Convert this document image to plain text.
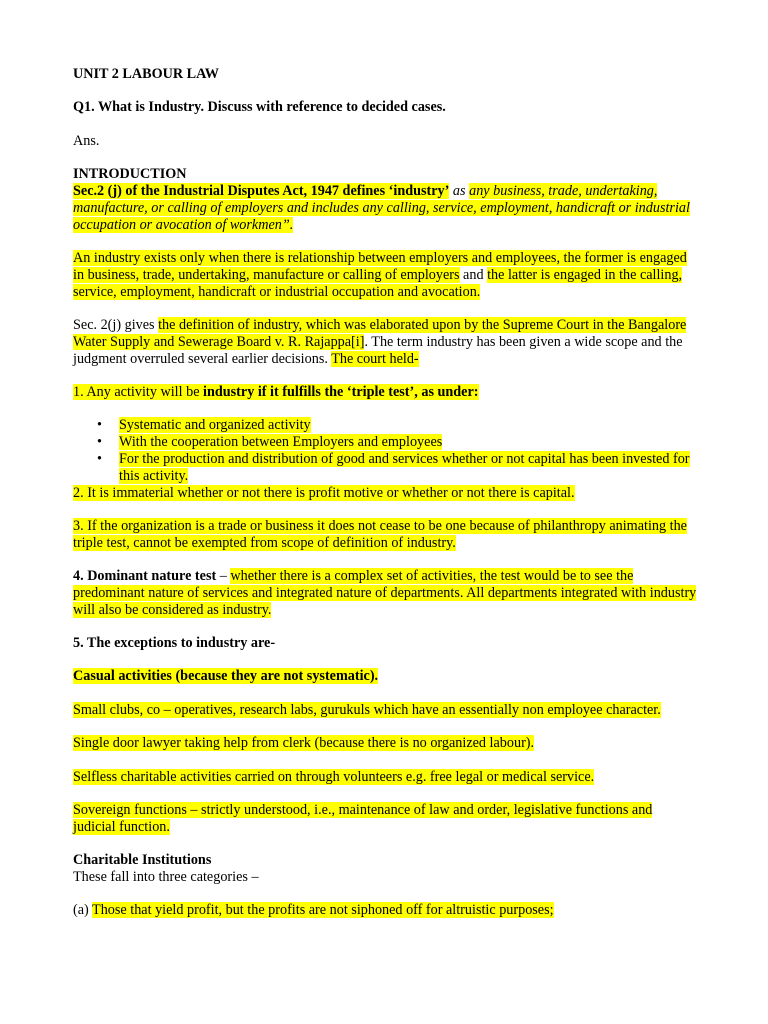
UNIT 2 LABOUR LAW

Q1. What is Industry. Discuss with reference to decided cases.

Ans.

INTRODUCTION

Sec.2 (j) of the Industrial Disputes Act, 1947 defines ‘industry’ as any business, trade, undertaking, manufacture, or calling of employers and includes any calling, service, employment, handicraft or industrial occupation or avocation of workmen”.

An industry exists only when there is relationship between employers and employees, the former is engaged in business, trade, undertaking, manufacture or calling of employers and the latter is engaged in the calling, service, employment, handicraft or industrial occupation and avocation.

Sec. 2(j) gives the definition of industry, which was elaborated upon by the Supreme Court in the Bangalore Water Supply and Sewerage Board v. R. Rajappa[i]. The term industry has been given a wide scope and the judgment overruled several earlier decisions. The court held-

1. Any activity will be industry if it fulfills the ‘triple test’, as under:

• Systematic and organized activity
• With the cooperation between Employers and employees
• For the production and distribution of good and services whether or not capital has been invested for this activity.

2. It is immaterial whether or not there is profit motive or whether or not there is capital.

3. If the organization is a trade or business it does not cease to be one because of philanthropy animating the triple test, cannot be exempted from scope of definition of industry.

4. Dominant nature test – whether there is a complex set of activities, the test would be to see the predominant nature of services and integrated nature of departments. All departments integrated with industry will also be considered as industry.

5. The exceptions to industry are-

Casual activities (because they are not systematic).

Small clubs, co – operatives, research labs, gurukuls which have an essentially non employee character.

Single door lawyer taking help from clerk (because there is no organized labour).

Selfless charitable activities carried on through volunteers e.g. free legal or medical service.

Sovereign functions – strictly understood, i.e., maintenance of law and order, legislative functions and judicial function.

Charitable Institutions

These fall into three categories –

(a) Those that yield profit, but the profits are not siphoned off for altruistic purposes;
